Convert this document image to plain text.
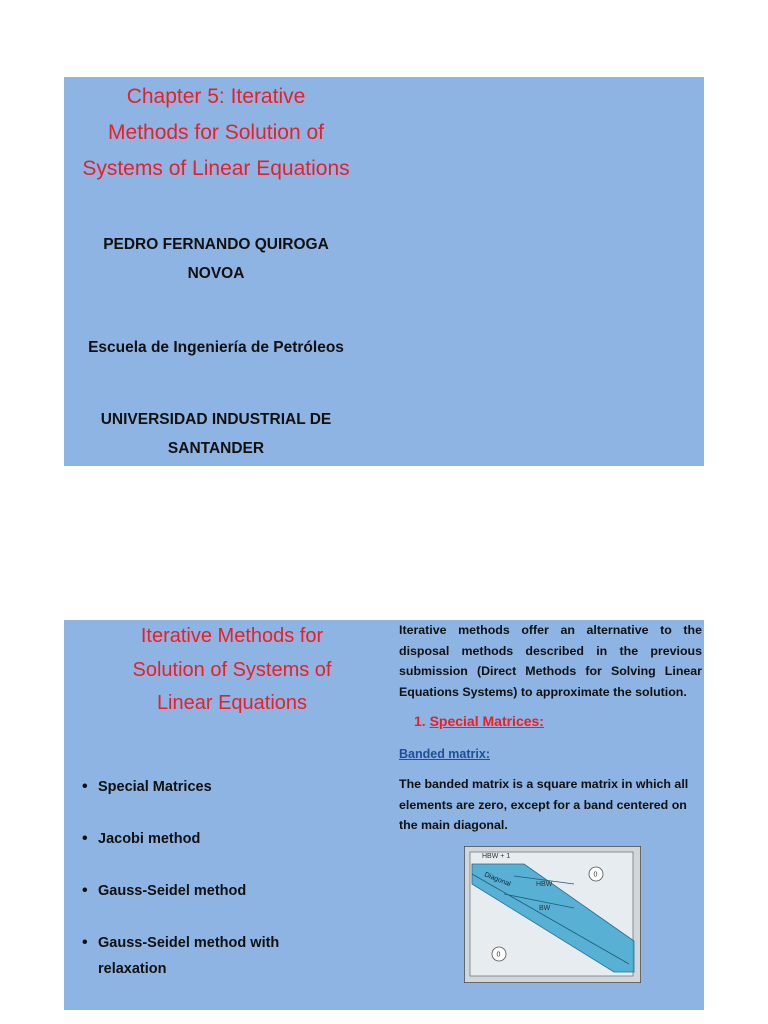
Chapter 5: Iterative
Methods for Solution of
Systems of Linear Equations
PEDRO FERNANDO QUIROGA
NOVOA
Escuela de Ingeniería de Petróleos
UNIVERSIDAD INDUSTRIAL DE
SANTANDER
Iterative Methods for
Solution of Systems of
Linear Equations
• Special Matrices
• Jacobi method
• Gauss-Seidel method
• Gauss-Seidel method with
relaxation

Iterative methods offer an alternative to the disposal methods described in the previous submission (Direct Methods for Solving Linear Equations Systems) to approximate the solution.

1. Special Matrices:
Banded matrix:

The banded matrix is a square matrix in which all elements are zero, except for a band centered on the main diagonal.

HBW + 1
HBW
BW
Diagonal	0
0
